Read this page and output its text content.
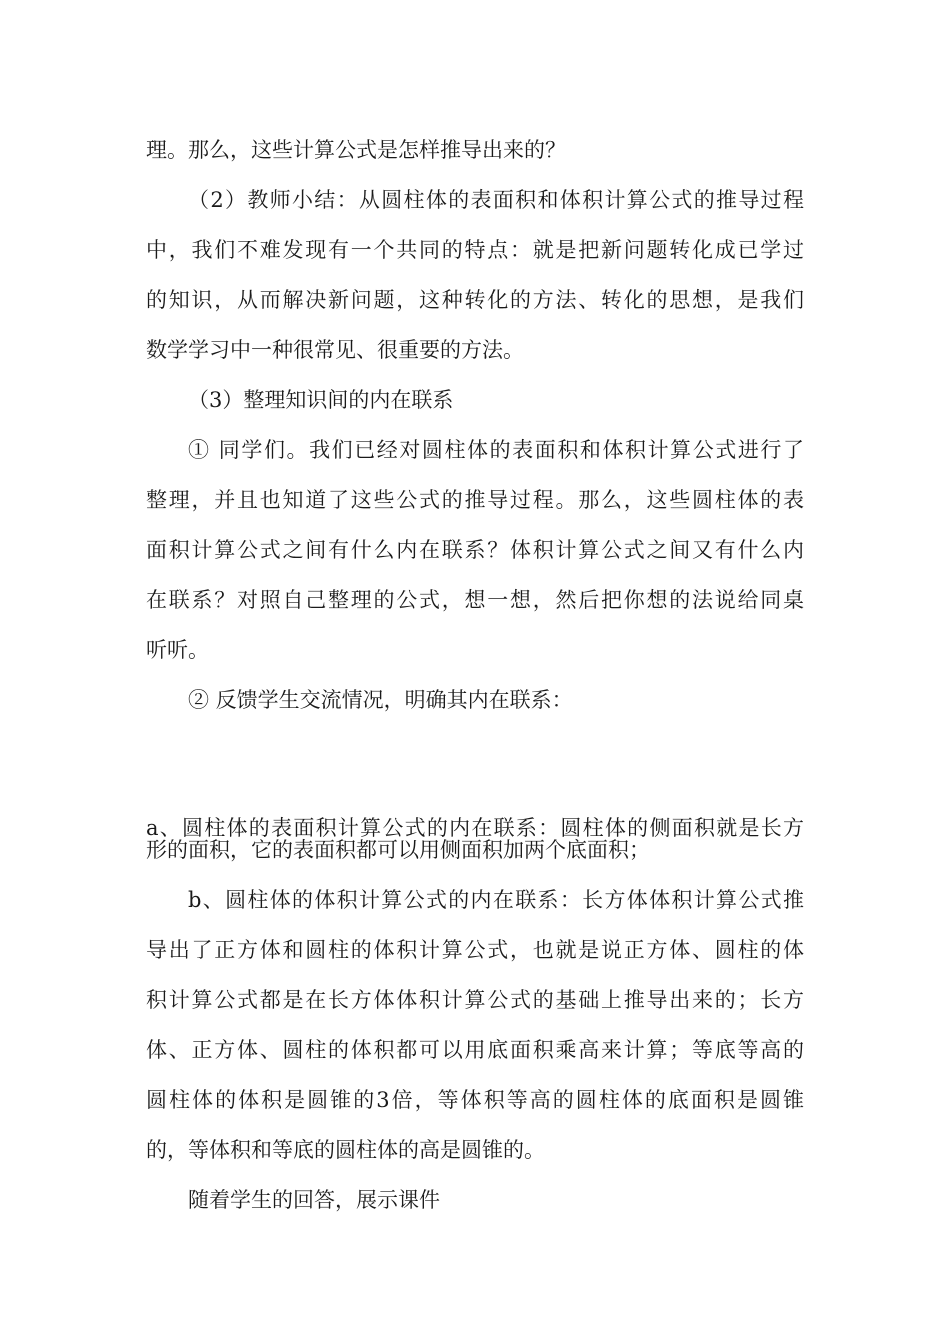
理。那么，这些计算公式是怎样推导出来的？
（2）教师小结：从圆柱体的表面积和体积计算公式的推导过程
中，我们不难发现有一个共同的特点：就是把新问题转化成已学过
的知识，从而解决新问题，这种转化的方法、转化的思想，是我们
数学学习中一种很常见、很重要的方法。
（3）整理知识间的内在联系
① 同学们。我们已经对圆柱体的表面积和体积计算公式进行了
整理，并且也知道了这些公式的推导过程。那么，这些圆柱体的表
面积计算公式之间有什么内在联系？体积计算公式之间又有什么内
在联系？对照自己整理的公式，想一想，然后把你想的法说给同桌
听听。
② 反馈学生交流情况，明确其内在联系：
a、圆柱体的表面积计算公式的内在联系：圆柱体的侧面积就是长方
形的面积，它的表面积都可以用侧面积加两个底面积；
b、圆柱体的体积计算公式的内在联系：长方体体积计算公式推
导出了正方体和圆柱的体积计算公式，也就是说正方体、圆柱的体
积计算公式都是在长方体体积计算公式的基础上推导出来的；长方
体、正方体、圆柱的体积都可以用底面积乘高来计算；等底等高的
圆柱体的体积是圆锥的3倍，等体积等高的圆柱体的底面积是圆锥
的，等体积和等底的圆柱体的高是圆锥的。
随着学生的回答，展示课件
